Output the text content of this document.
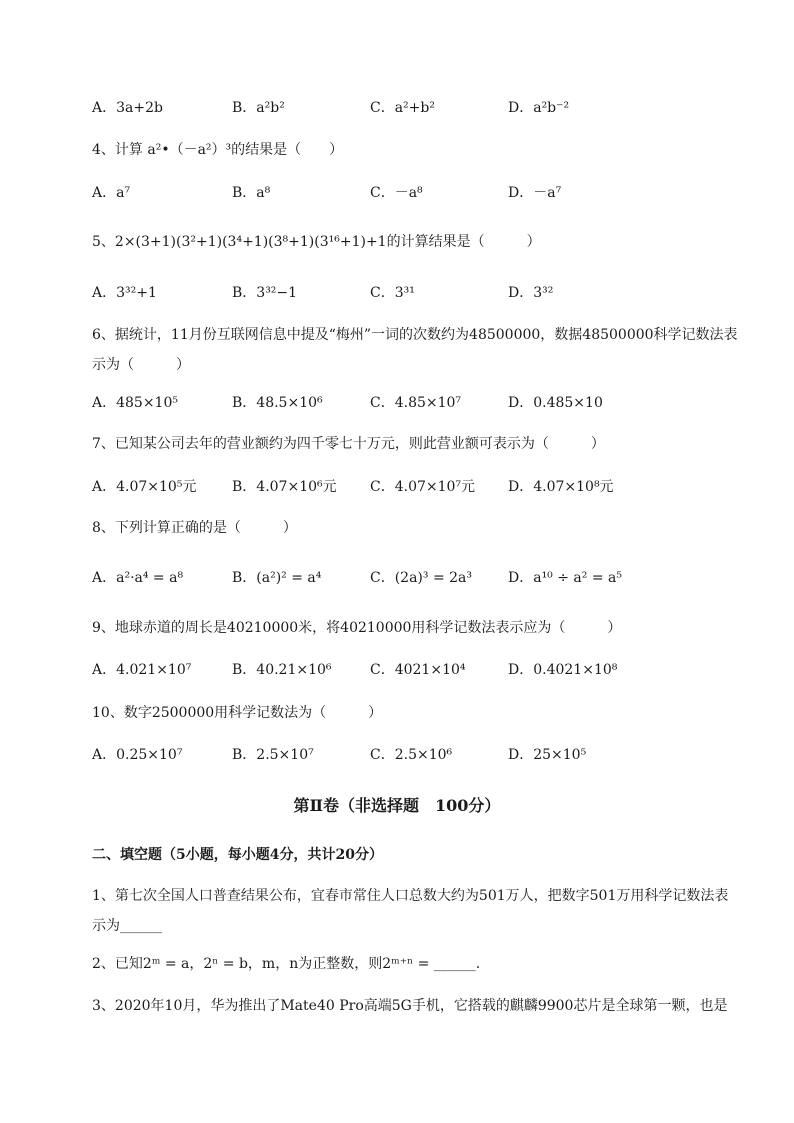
A．3a+2b	B．a²b²	C．a²+b²	D．a²b⁻²
4、计算 a²•（－a²）³的结果是（　　）
A．a⁷	B．a⁸	C．－a⁸	D．－a⁷
5、2×(3+1)(3²+1)(3⁴+1)(3⁸+1)(3¹⁶+1)+1的计算结果是（　　　）
A．3³²+1	B．3³²−1	C．3³¹	D．3³²
6、据统计，11月份互联网信息中提及“梅州”一词的次数约为48500000，数据48500000科学记数法表示为（　　　）
A．485×10⁵	B．48.5×10⁶	C．4.85×10⁷	D．0.485×10
7、已知某公司去年的营业额约为四千零七十万元，则此营业额可表示为（　　　）
A．4.07×10⁵元	B．4.07×10⁶元 C．4.07×10⁷元 D．4.07×10⁸元
8、下列计算正确的是（　　　）
A．a²·a⁴ = a⁸	B．(a²)² = a⁴	C．(2a)³ = 2a³	D．a¹⁰ ÷ a² = a⁵
9、地球赤道的周长是40210000米，将40210000用科学记数法表示应为（　　　）
A．4.021×10⁷	B．40.21×10⁶	C．4021×10⁴	D．0.4021×10⁸
10、数字2500000用科学记数法为（　　　）
A．0.25×10⁷	B．2.5×10⁷	C．2.5×10⁶	D．25×10⁵
第Ⅱ卷（非选择题　100分）
二、填空题（5小题，每小题4分，共计20分）
1、第七次全国人口普查结果公布，宜春市常住人口总数大约为501万人，把数字501万用科学记数法表示为______
2、已知2ᵐ = a，2ⁿ = b，m，n为正整数，则2ᵐ⁺ⁿ = ______.
3、2020年10月，华为推出了Mate40 Pro高端5G手机，它搭载的麒麟9900芯片是全球第一颗，也是
